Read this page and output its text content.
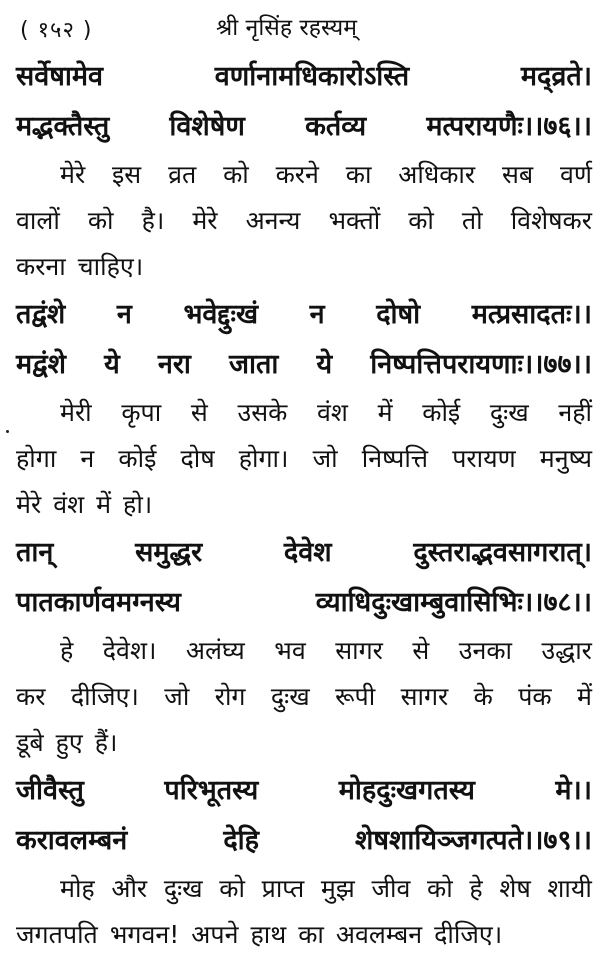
( १५२ )	श्री नृसिंह रहस्यम्
सर्वेषामेव	वर्णानामधिकारोऽस्ति	मद्व्रते।
मद्भक्तैस्तु विशेषेण कर्तव्य मत्परायणैः।।७६।।
मेरे इस व्रत को करने का अधिकार सब वर्ण
वालों को है। मेरे अनन्य भक्तों को तो विशेषकर
करना चाहिए।
तद्वंशे न भवेद्दुःखं न दोषो मत्प्रसादतः।।
मद्वंशे ये नरा जाता ये निष्पत्तिपरायणाः।।७७।।
मेरी कृपा से उसके वंश में कोई दुःख नहीं
होगा न कोई दोष होगा। जो निष्पत्ति परायण मनुष्य
मेरे वंश में हो।
तान्	समुद्धर	देवेश	दुस्तराद्भवसागरात्।
पातकार्णवमग्नस्य	व्याधिदुःखाम्बुवासिभिः।।७८।।
हे देवेश। अलंघ्य भव सागर से उनका उद्धार
कर दीजिए। जो रोग दुःख रूपी सागर के पंक में
डूबे हुए हैं।
जीवैस्तु	परिभूतस्य	मोहदुःखगतस्य	मे।।
करावलम्बनं	देहि	शेषशायिञ्जगत्पते।।७९।।
मोह और दुःख को प्राप्त मुझ जीव को हे शेष शायी
जगतपति भगवन! अपने हाथ का अवलम्बन दीजिए।
